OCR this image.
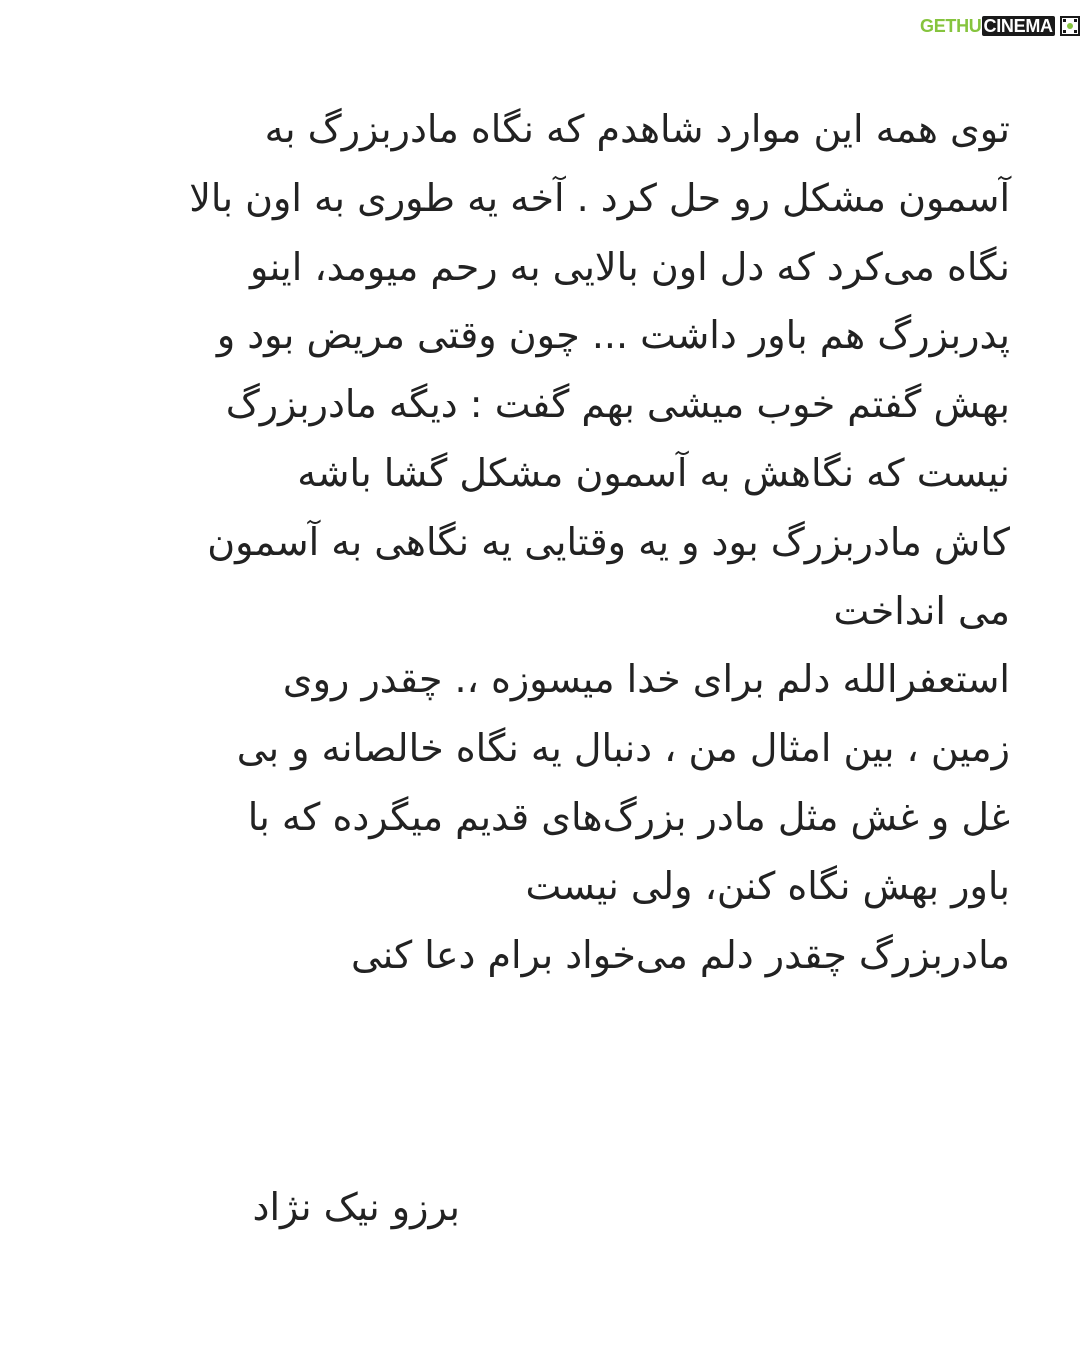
GETHU CINEMA
توی همه این موارد شاهدم که نگاه مادربزرگ به
آسمون مشکل رو حل کرد . آخه یه طوری به اون بالا
نگاه می‌کرد که دل اون بالایی به رحم میومد، اینو
پدربزرگ هم باور داشت ... چون وقتی مریض بود و
بهش گفتم خوب میشی بهم گفت : دیگه مادربزرگ
نیست که نگاهش به آسمون مشکل گشا باشه
کاش مادربزرگ بود و یه وقتایی یه نگاهی به آسمون
می انداخت
استعفرالله دلم برای خدا میسوزه ،. چقدر روی
زمین ، بین امثال من ، دنبال یه نگاه خالصانه و بی
غل و غش مثل مادر بزرگ‌های قدیم میگرده که با
باور بهش نگاه کنن، ولی نیست
مادربزرگ چقدر دلم می‌خواد برام دعا کنی
برزو نیک نژاد
